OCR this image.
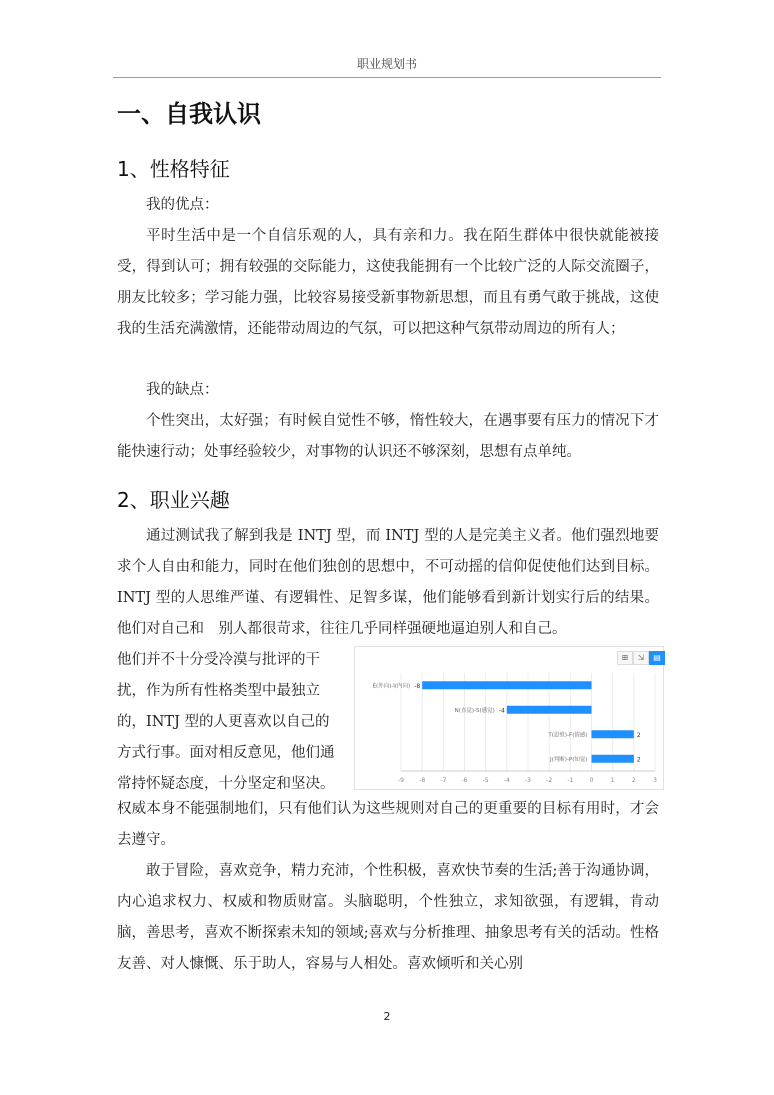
职业规划书
一、自我认识
1、性格特征

我的优点：

平时生活中是一个自信乐观的人，具有亲和力。我在陌生群体中很快就能被接受，得到认可；拥有较强的交际能力，这使我能拥有一个比较广泛的人际交流圈子，朋友比较多；学习能力强，比较容易接受新事物新思想，而且有勇气敢于挑战，这使我的生活充满激情，还能带动周边的气氛，可以把这种气氛带动周边的所有人；

我的缺点：

个性突出，太好强；有时候自觉性不够，惰性较大，在遇事要有压力的情况下才能快速行动；处事经验较少，对事物的认识还不够深刻，思想有点单纯。

2、职业兴趣

通过测试我了解到我是 INTJ 型，而 INTJ 型的人是完美主义者。他们强烈地要求个人自由和能力，同时在他们独创的思想中，不可动摇的信仰促使他们达到目标。INTJ 型的人思维严谨、有逻辑性、足智多谋，他们能够看到新计划实行后的结果。他们对自己和　别人都很苛求，往往几乎同样强硬地逼迫别人和自己。

他们并不十分受冷漠与批评的干
扰，作为所有性格类型中最独立
的，INTJ 型的人更喜欢以自己的
方式行事。面对相反意见，他们通
常持怀疑态度，十分坚定和坚决。
⊞	⇲	▤
-9	-8	-7	-6	-5	-4	-3	-2	-1	0	1	2	3
E(外向)-I(内向) -8
N(直觉)-S(感觉) -4
T(思维)-F(情感)	2
J(判断)-P(知觉)	2

权威本身不能强制地们，只有他们认为这些规则对自己的更重要的目标有用时，才会去遵守。

敢于冒险，喜欢竞争，精力充沛，个性积极，喜欢快节奏的生活;善于沟通协调，内心追求权力、权威和物质财富。头脑聪明，个性独立，求知欲强，有逻辑，肯动脑，善思考，喜欢不断探索未知的领域;喜欢与分析推理、抽象思考有关的活动。性格友善、对人慷慨、乐于助人，容易与人相处。喜欢倾听和关心别

2
